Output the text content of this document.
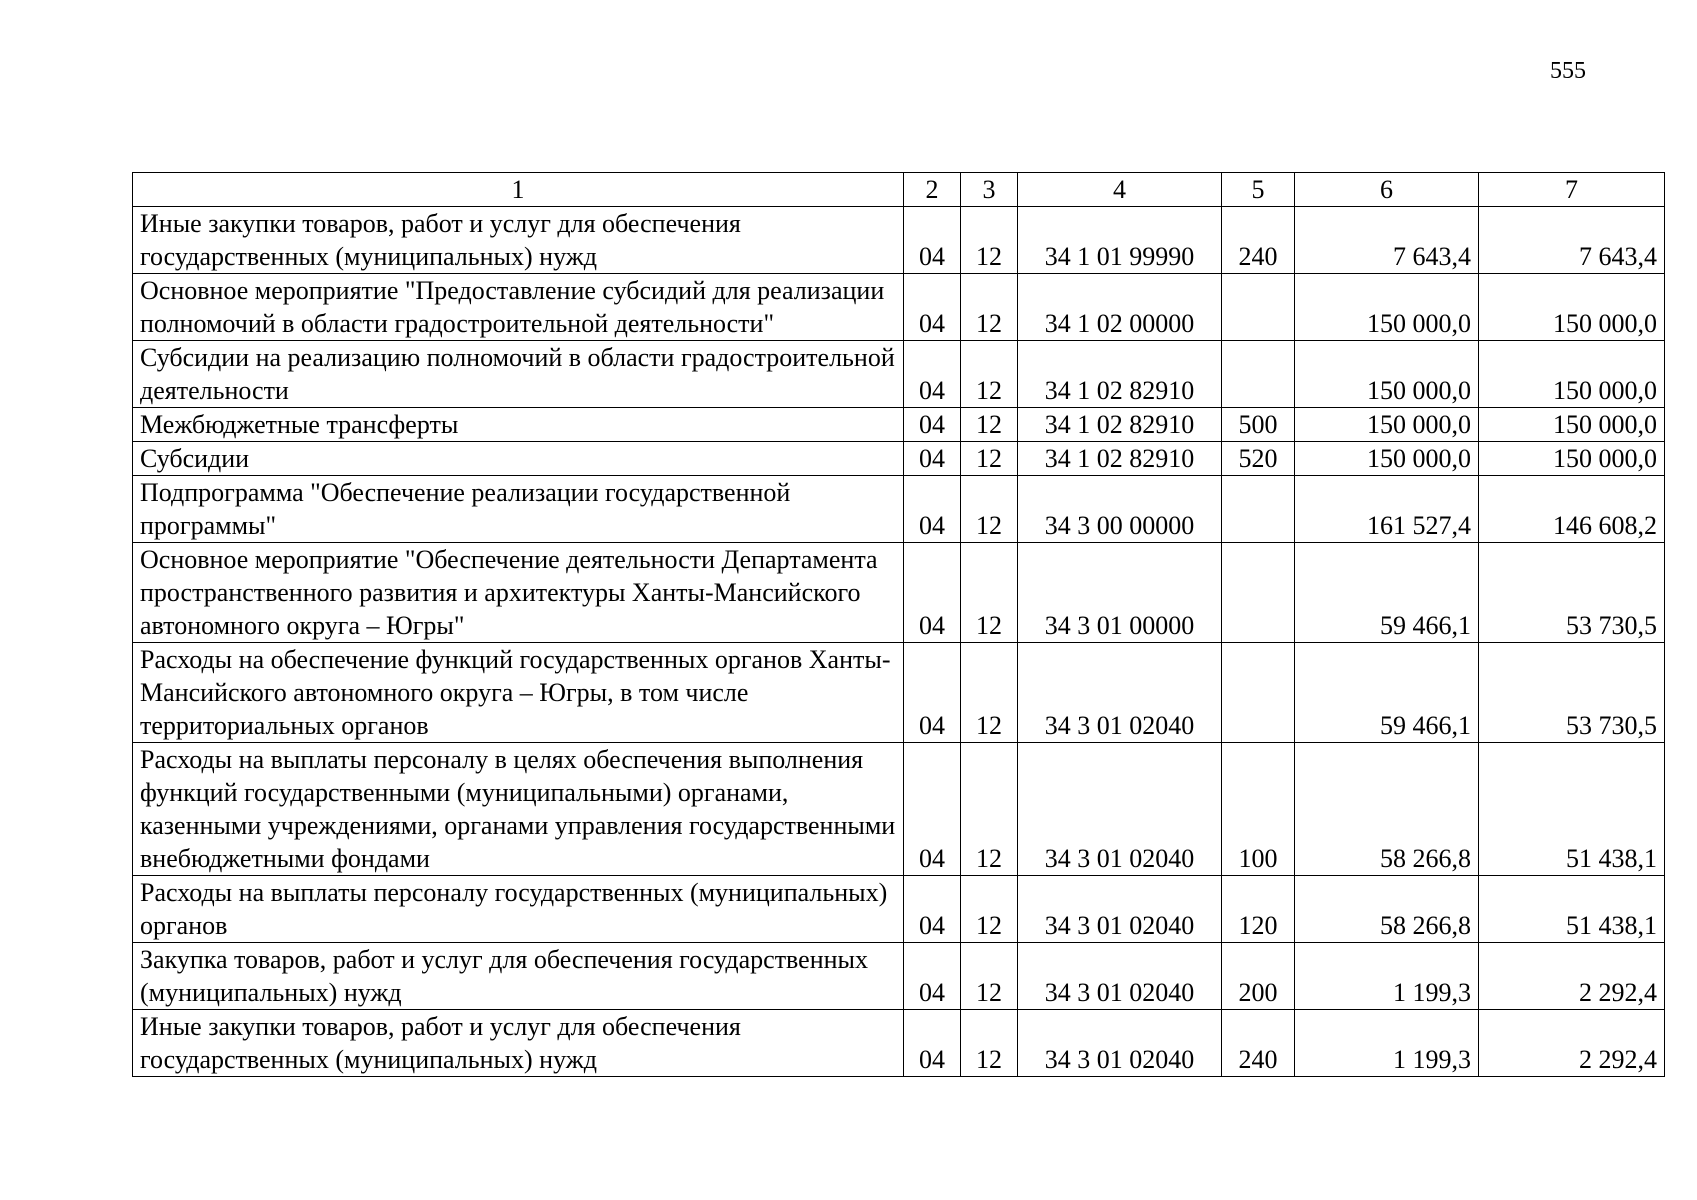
555
1	2	3	4	5	6	7
Иные закупки товаров, работ и услуг для обеспечения государственных (муниципальных) нужд	04	12	34 1 01 99990	240	7 643,4	7 643,4
Основное мероприятие "Предоставление субсидий для реализации полномочий в области градостроительной деятельности"	04	12	34 1 02 00000		150 000,0	150 000,0
Субсидии на реализацию полномочий в области градостроительной деятельности	04	12	34 1 02 82910		150 000,0	150 000,0
Межбюджетные трансферты	04	12	34 1 02 82910	500	150 000,0	150 000,0
Субсидии	04	12	34 1 02 82910	520	150 000,0	150 000,0
Подпрограмма "Обеспечение реализации государственной программы"	04	12	34 3 00 00000		161 527,4	146 608,2
Основное мероприятие "Обеспечение деятельности Департамента пространственного развития и архитектуры Ханты-Мансийского автономного округа – Югры"	04	12	34 3 01 00000		59 466,1	53 730,5
Расходы на обеспечение функций государственных органов Ханты-Мансийского автономного округа – Югры, в том числе территориальных органов	04	12	34 3 01 02040		59 466,1	53 730,5
Расходы на выплаты персоналу в целях обеспечения выполнения функций государственными (муниципальными) органами, казенными учреждениями, органами управления государственными внебюджетными фондами	04	12	34 3 01 02040	100	58 266,8	51 438,1
Расходы на выплаты персоналу государственных (муниципальных) органов	04	12	34 3 01 02040	120	58 266,8	51 438,1
Закупка товаров, работ и услуг для обеспечения государственных (муниципальных) нужд	04	12	34 3 01 02040	200	1 199,3	2 292,4
Иные закупки товаров, работ и услуг для обеспечения государственных (муниципальных) нужд	04	12	34 3 01 02040	240	1 199,3	2 292,4
